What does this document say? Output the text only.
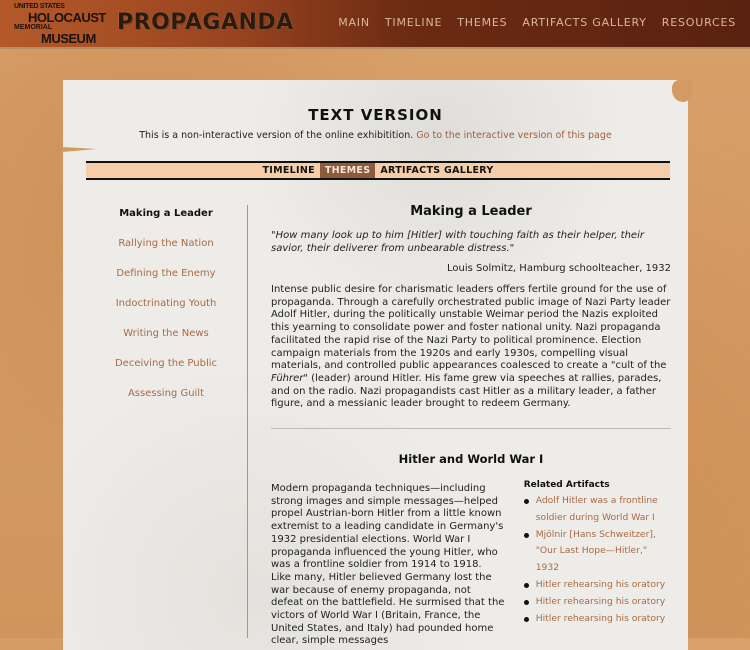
UNITED STATES
HOLOCAUST
MEMORIAL
MUSEUM
PROPAGANDA	MAIN TIMELINE THEMES ARTIFACTS GALLERY RESOURCES
TEXT VERSION
This is a non-interactive version of the online exhibitition. Go to the interactive version of this page
TIMELINE	THEMES	ARTIFACTS GALLERY
Making a Leader
Rallying the Nation
Defining the Enemy
Indoctrinating Youth
Writing the News
Deceiving the Public
Assessing Guilt
Making a Leader
"How many look up to him [Hitler] with touching faith as their helper, their savior, their deliverer from unbearable distress."
Louis Solmitz, Hamburg schoolteacher, 1932
Intense public desire for charismatic leaders offers fertile ground for the use of propaganda. Through a carefully orchestrated public image of Nazi Party leader Adolf Hitler, during the politically unstable Weimar period the Nazis exploited this yearning to consolidate power and foster national unity. Nazi propaganda facilitated the rapid rise of the Nazi Party to political prominence. Election campaign materials from the 1920s and early 1930s, compelling visual materials, and controlled public appearances coalesced to create a "cult of the Führer" (leader) around Hitler. His fame grew via speeches at rallies, parades, and on the radio. Nazi propagandists cast Hitler as a military leader, a father figure, and a messianic leader brought to redeem Germany.
Hitler and World War I
Modern propaganda techniques—including strong images and simple messages—helped propel Austrian-born Hitler from a little known extremist to a leading candidate in Germany's 1932 presidential elections. World War I propaganda influenced the young Hitler, who was a frontline soldier from 1914 to 1918. Like many, Hitler believed Germany lost the war because of enemy propaganda, not defeat on the battlefield. He surmised that the victors of World War I (Britain, France, the United States, and Italy) had pounded home clear, simple messages
Related Artifacts
Adolf Hitler was a frontline soldier during World War I
Mjölnir [Hans Schweitzer], "Our Last Hope—Hitler," 1932
Hitler rehearsing his oratory
Hitler rehearsing his oratory
Hitler rehearsing his oratory
